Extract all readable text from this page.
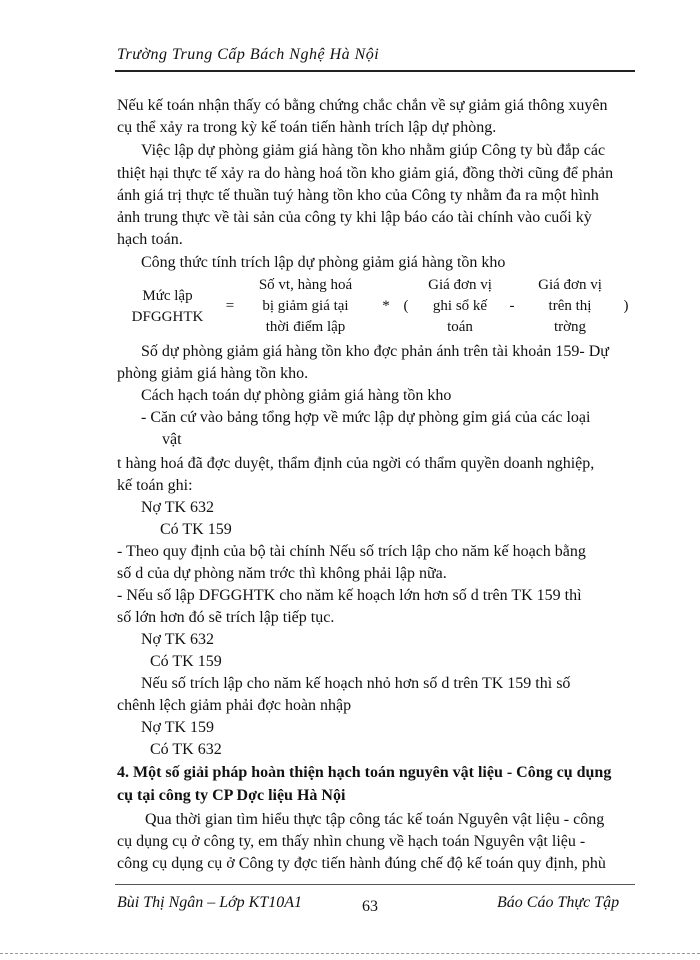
Trường Trung Cấp Bách Nghệ Hà Nội
Nếu kế toán nhận thấy có bằng chứng chắc chắn về sự giảm giá thông xuyên
cụ thể xảy ra trong kỳ kế toán tiến hành trích lập dự phòng.
Việc lập dự phòng giảm giá hàng tồn kho nhằm giúp Công ty bù đắp các
thiệt hại thực tế xảy ra do hàng hoá tồn kho giảm giá, đồng thời cũng để phản
ánh giá trị thực tế thuần tuý hàng tồn kho của Công ty nhằm đa ra một hình
ảnh trung thực về tài sản của công ty khi lập báo cáo tài chính vào cuối kỳ
hạch toán.
Công thức tính trích lập dự phòng giảm giá hàng tồn kho
Mức lập
DFGGHTK
=
Số vt, hàng hoá
bị giảm giá tại
thời điểm lập
* (
Giá đơn vị
ghi sổ kế
toán
-
Giá đơn vị
trên thị
trờng
)
Số dự phòng giảm giá hàng tồn kho đợc phản ánh trên tài khoản 159- Dự
phòng giảm giá hàng tồn kho.
Cách hạch toán dự phòng giảm giá hàng tồn kho
- Căn cứ vào bảng tổng hợp về mức lập dự phòng gỉm giá của các loại
vật
t hàng hoá đã đợc duyệt, thẩm định của ngời có thẩm quyền doanh nghiệp,
kế toán ghi:
Nợ TK 632
Có TK 159
- Theo quy định của bộ tài chính Nếu số trích lập cho năm kế hoạch bằng
số d của dự phòng năm trớc thì không phải lập nữa.
- Nếu số lập DFGGHTK cho năm kế hoạch lớn hơn số d trên TK 159 thì
số lớn hơn đó sẽ trích lập tiếp tục.
Nợ TK 632
Có TK 159
Nếu số trích lập cho năm kế hoạch nhỏ hơn số d trên TK 159 thì số
chênh lệch giảm phải đợc hoàn nhập
Nợ TK 159
Có TK 632
4. Một số giải pháp hoàn thiện hạch toán nguyên vật liệu - Công cụ dụng
cụ tại công ty CP Dợc liệu Hà Nội
Qua thời gian tìm hiểu thực tập công tác kế toán Nguyên vật liệu - công
cụ dụng cụ ở công ty, em thấy nhìn chung về hạch toán Nguyên vật liệu -
công cụ dụng cụ ở Công ty đợc tiến hành đúng chế độ kế toán quy định, phù
Bùi Thị Ngân – Lớp KT10A1	63	Báo Cáo Thực Tập
